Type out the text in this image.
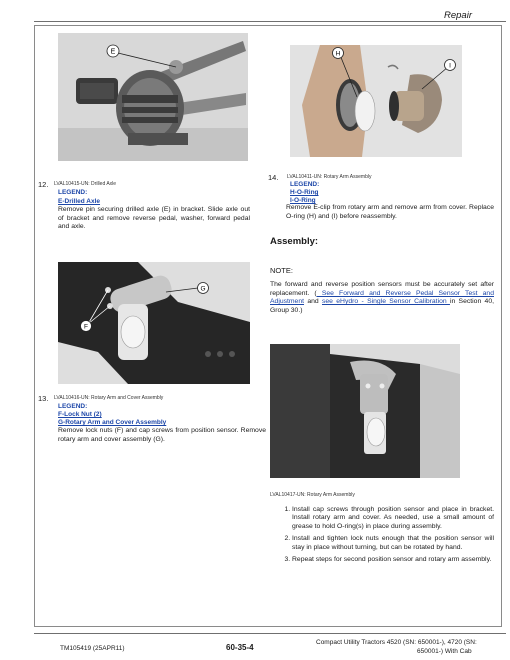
Repair
E
12. LVAL10415-UN: Drilled Axle
LEGEND:
E-Drilled Axle
Remove pin securing drilled axle (E) in bracket. Slide axle out of bracket and remove reverse pedal, washer, forward pedal and axle.
H
I
14. LVAL10411-UN: Rotary Arm Assembly
LEGEND:
H-O-Ring
I-O-Ring
Remove E-clip from rotary arm and remove arm from cover. Replace O-ring (H) and (I) before reassembly.
Assembly:
NOTE:
The forward and reverse position sensors must be accurately set after replacement. ( See Forward and Reverse Pedal Sensor Test and Adjustment and see eHydro - Single Sensor Calibration in Section 40, Group 30.)
F
G
13. LVAL10416-UN: Rotary Arm and Cover Assembly
LEGEND:
F-Lock Nut (2)
G-Rotary Arm and Cover Assembly
Remove lock nuts (F) and cap screws from position sensor. Remove rotary arm and cover assembly (G).
LVAL10417-UN: Rotary Arm Assembly
1. Install cap screws through position sensor and place in bracket. Install rotary arm and cover. As needed, use a small amount of grease to hold O-ring(s) in place during assembly.
2. Install and tighten lock nuts enough that the position sensor will stay in place without turning, but can be rotated by hand.
3. Repeat steps for second position sensor and rotary arm assembly.
TM105419 (25APR11)	60-35-4
Compact Utility Tractors 4520 (SN: 650001-), 4720 (SN:
650001-) With Cab
